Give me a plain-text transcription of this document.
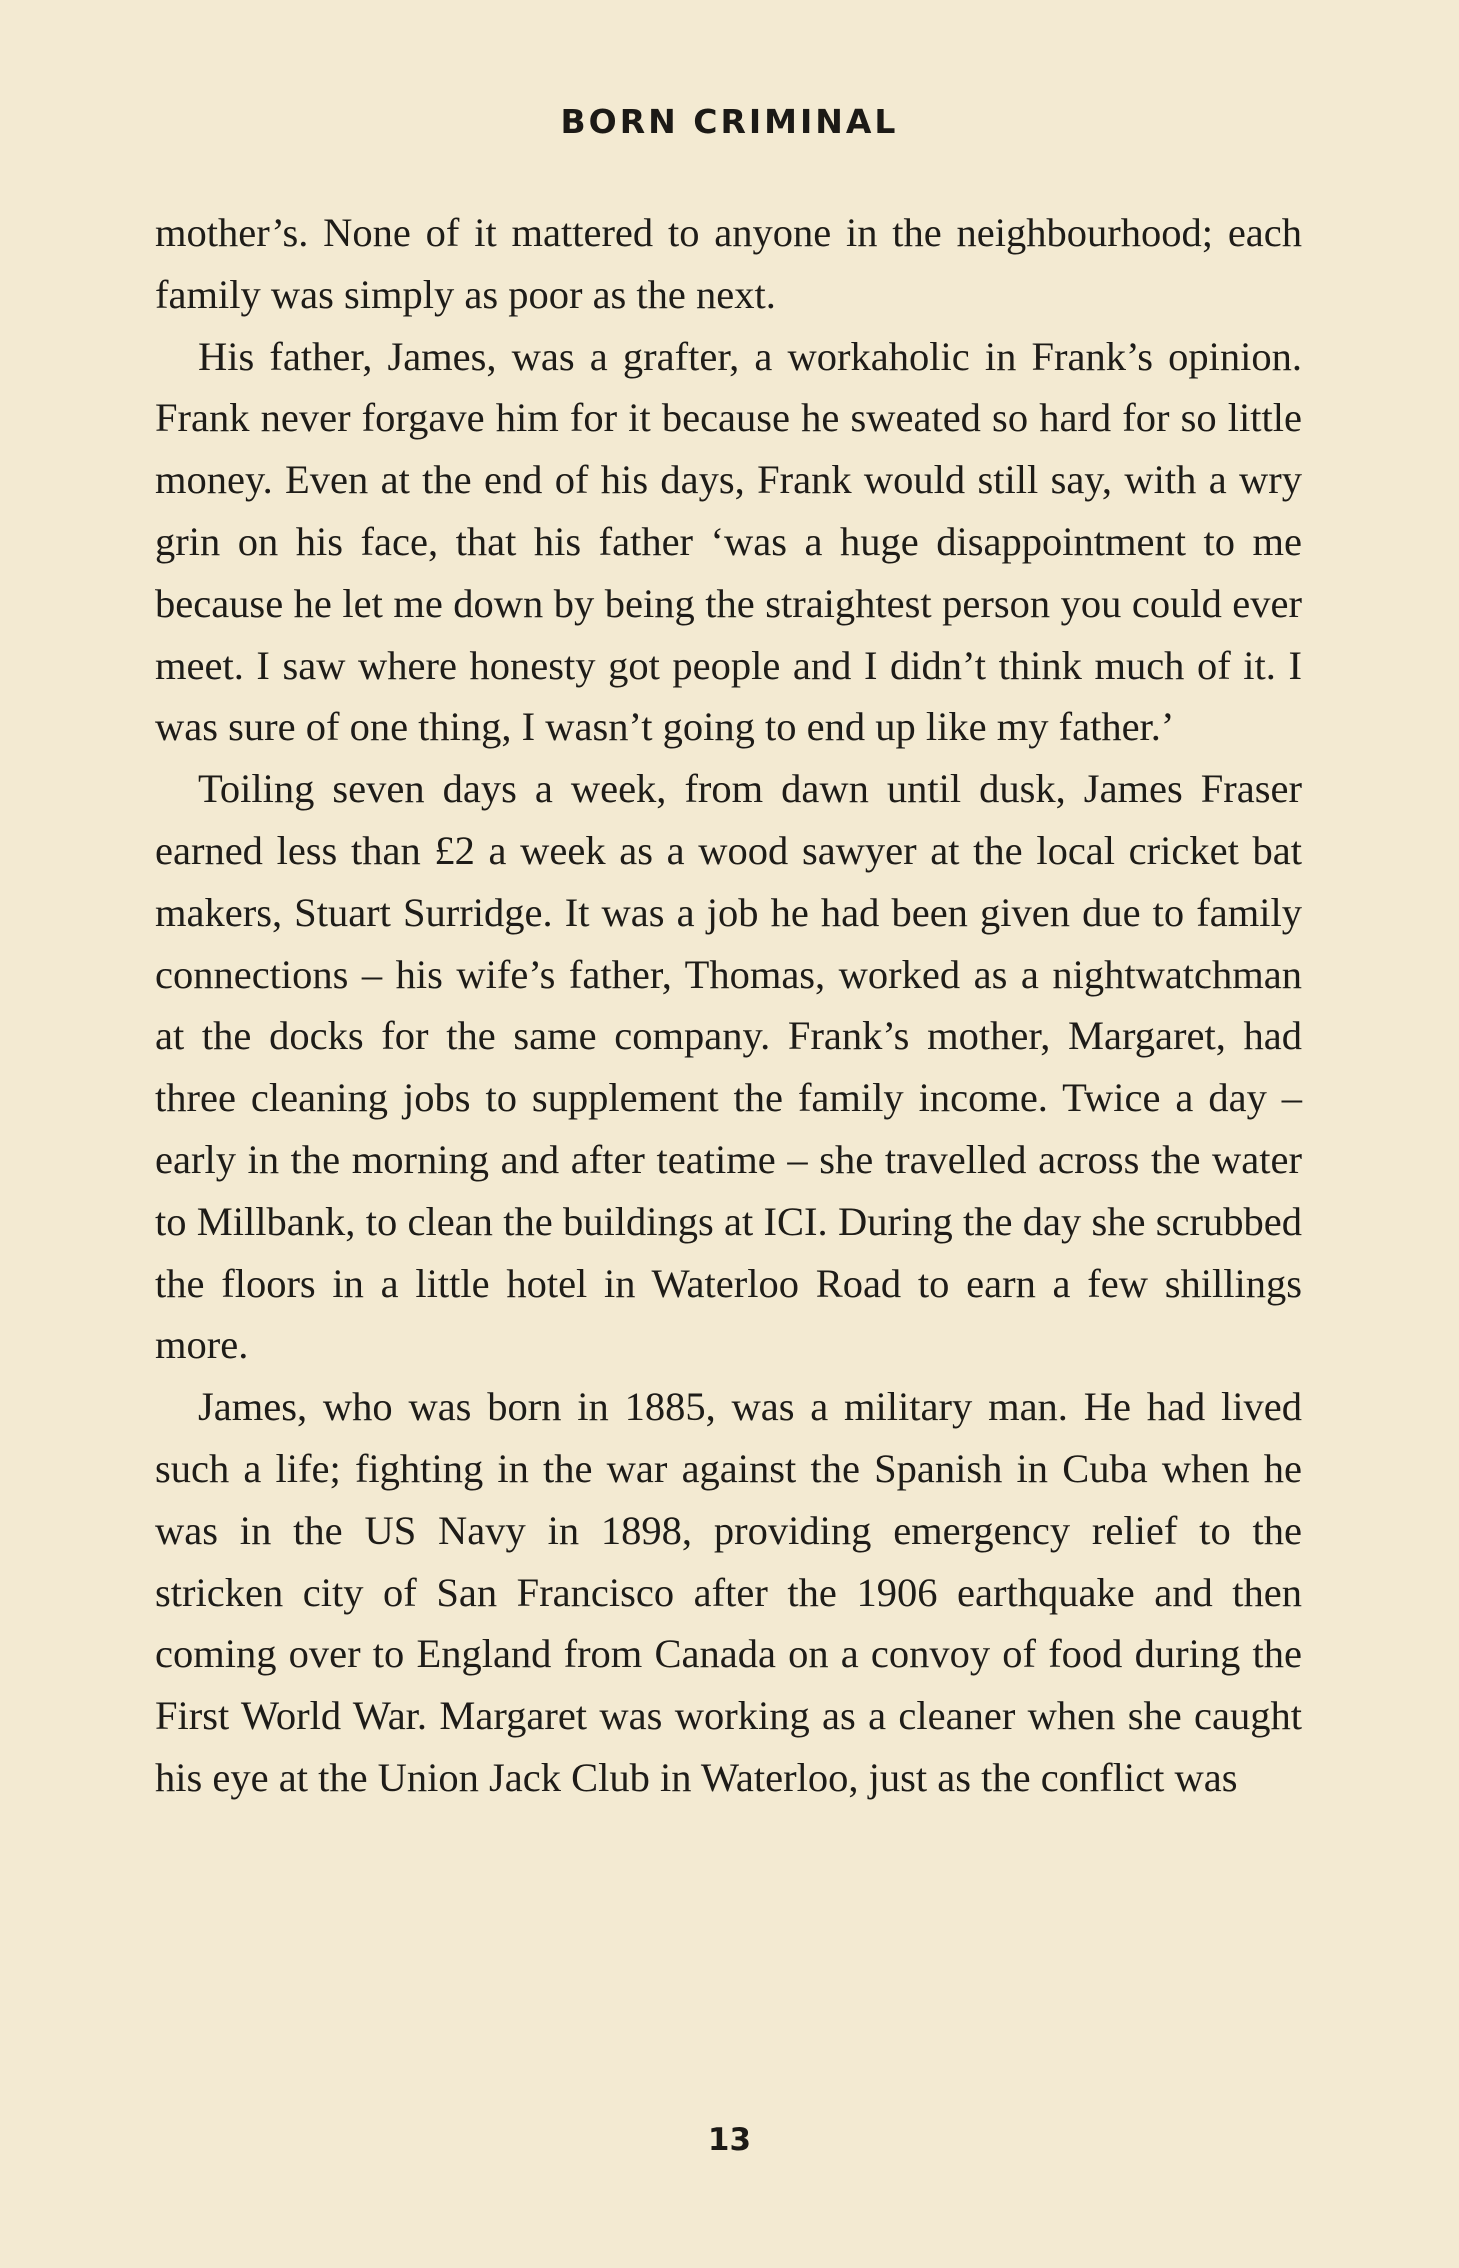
BORN CRIMINAL

mother’s. None of it mattered to anyone in the neighbourhood; each family was simply as poor as the next.

His father, James, was a grafter, a workaholic in Frank’s opinion. Frank never forgave him for it because he sweated so hard for so little money. Even at the end of his days, Frank would still say, with a wry grin on his face, that his father ‘was a huge disappointment to me because he let me down by being the straightest person you could ever meet. I saw where honesty got people and I didn’t think much of it. I was sure of one thing, I wasn’t going to end up like my father.’

Toiling seven days a week, from dawn until dusk, James Fraser earned less than £2 a week as a wood sawyer at the local cricket bat makers, Stuart Surridge. It was a job he had been given due to family connections – his wife’s father, Thomas, worked as a nightwatchman at the docks for the same company. Frank’s mother, Margaret, had three cleaning jobs to supplement the family income. Twice a day – early in the morning and after teatime – she travelled across the water to Millbank, to clean the buildings at ICI. During the day she scrubbed the floors in a little hotel in Waterloo Road to earn a few shillings more.

James, who was born in 1885, was a military man. He had lived such a life; fighting in the war against the Spanish in Cuba when he was in the US Navy in 1898, providing emergency relief to the stricken city of San Francisco after the 1906 earthquake and then coming over to England from Canada on a convoy of food during the First World War. Margaret was working as a cleaner when she caught his eye at the Union Jack Club in Waterloo, just as the conflict was

13
